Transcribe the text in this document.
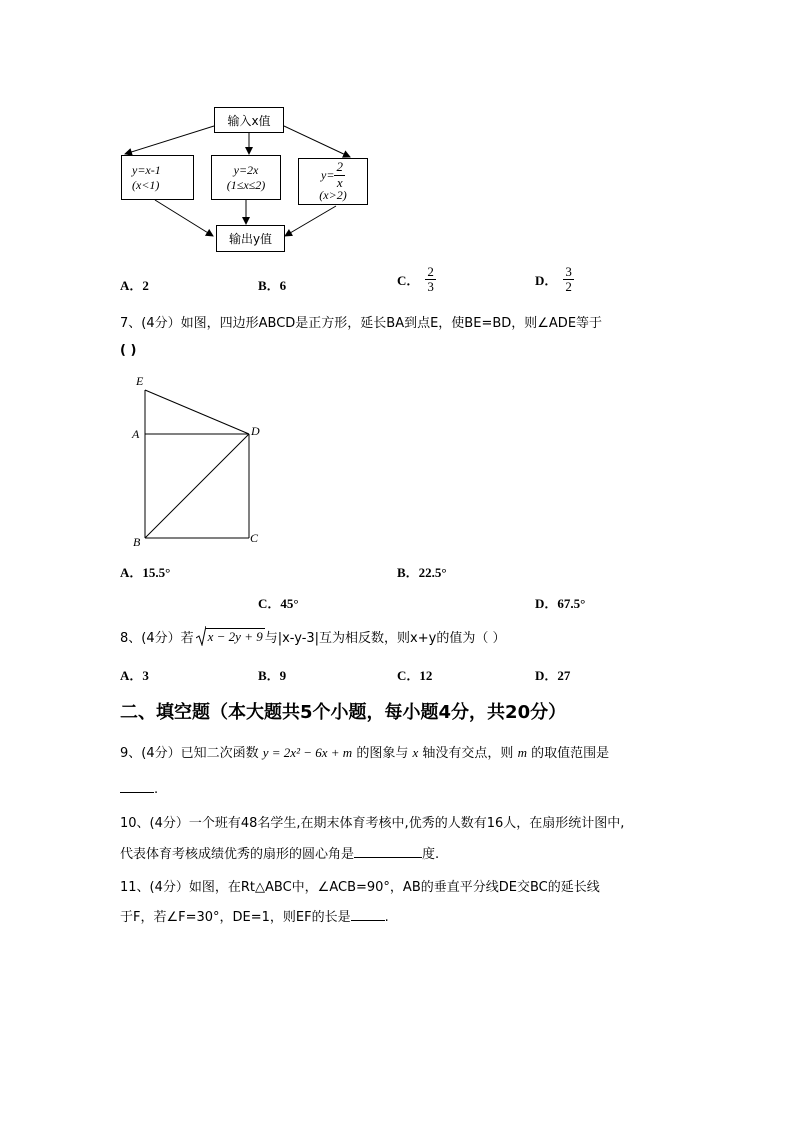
输入x值
y=x-1
(x<1)
y=2x
(1≤x≤2)
$y= \frac{2}{x}$
(x>2)
输出y值
A．2	B．6	C． $\frac{2}{3}$	D． $\frac{3}{2}$
7、(4分）如图，四边形ABCD是正方形，延长BA到点E，使BE=BD，则∠ADE等于
( )
E
A	D
B	C
A．15.5°	B．22.5°
C．45°	D．67.5°
8、(4分）若 x − 2y + 9 与|x-y-3|互为相反数，则x+y的值为（ ）
A．3	B．9	C．12	D．27
二、填空题（本大题共5个小题，每小题4分，共20分）
9、(4分）已知二次函数 y = 2x² − 6x + m 的图象与 x 轴没有交点，则 m 的取值范围是
.
10、(4分）一个班有48名学生,在期末体育考核中,优秀的人数有16人，在扇形统计图中,
代表体育考核成绩优秀的扇形的圆心角是	度.
11、(4分）如图，在Rt△ABC中，∠ACB=90°，AB的垂直平分线DE交BC的延长线
于F，若∠F=30°，DE=1，则EF的长是	.
